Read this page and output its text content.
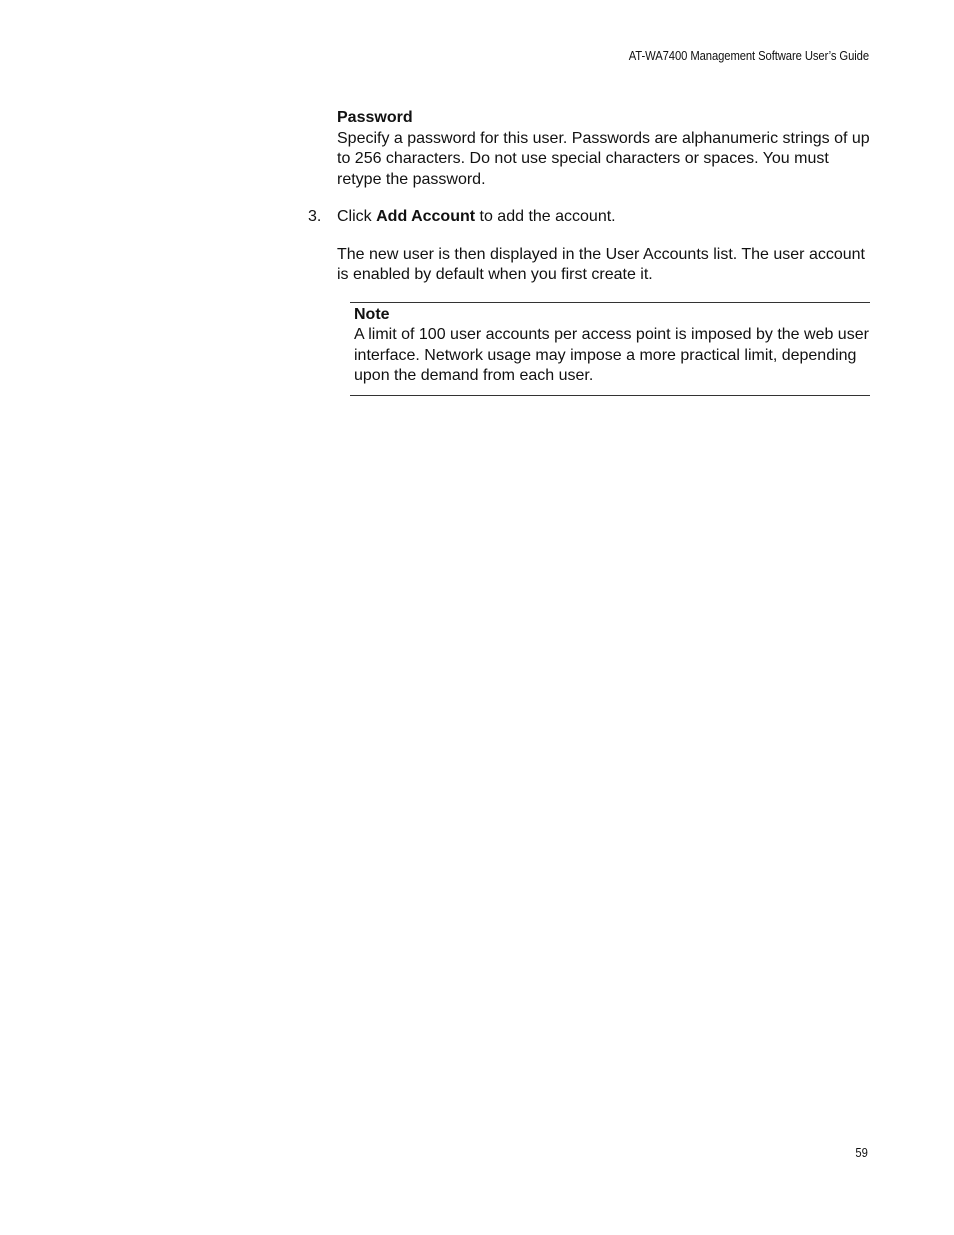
AT-WA7400 Management Software User’s Guide

Password

Specify a password for this user. Passwords are alphanumeric strings of up to 256 characters. Do not use special characters or spaces. You must retype the password.

3. Click Add Account to add the account.

The new user is then displayed in the User Accounts list. The user account is enabled by default when you first create it.

Note

A limit of 100 user accounts per access point is imposed by the web user interface. Network usage may impose a more practical limit, depending upon the demand from each user.

59
